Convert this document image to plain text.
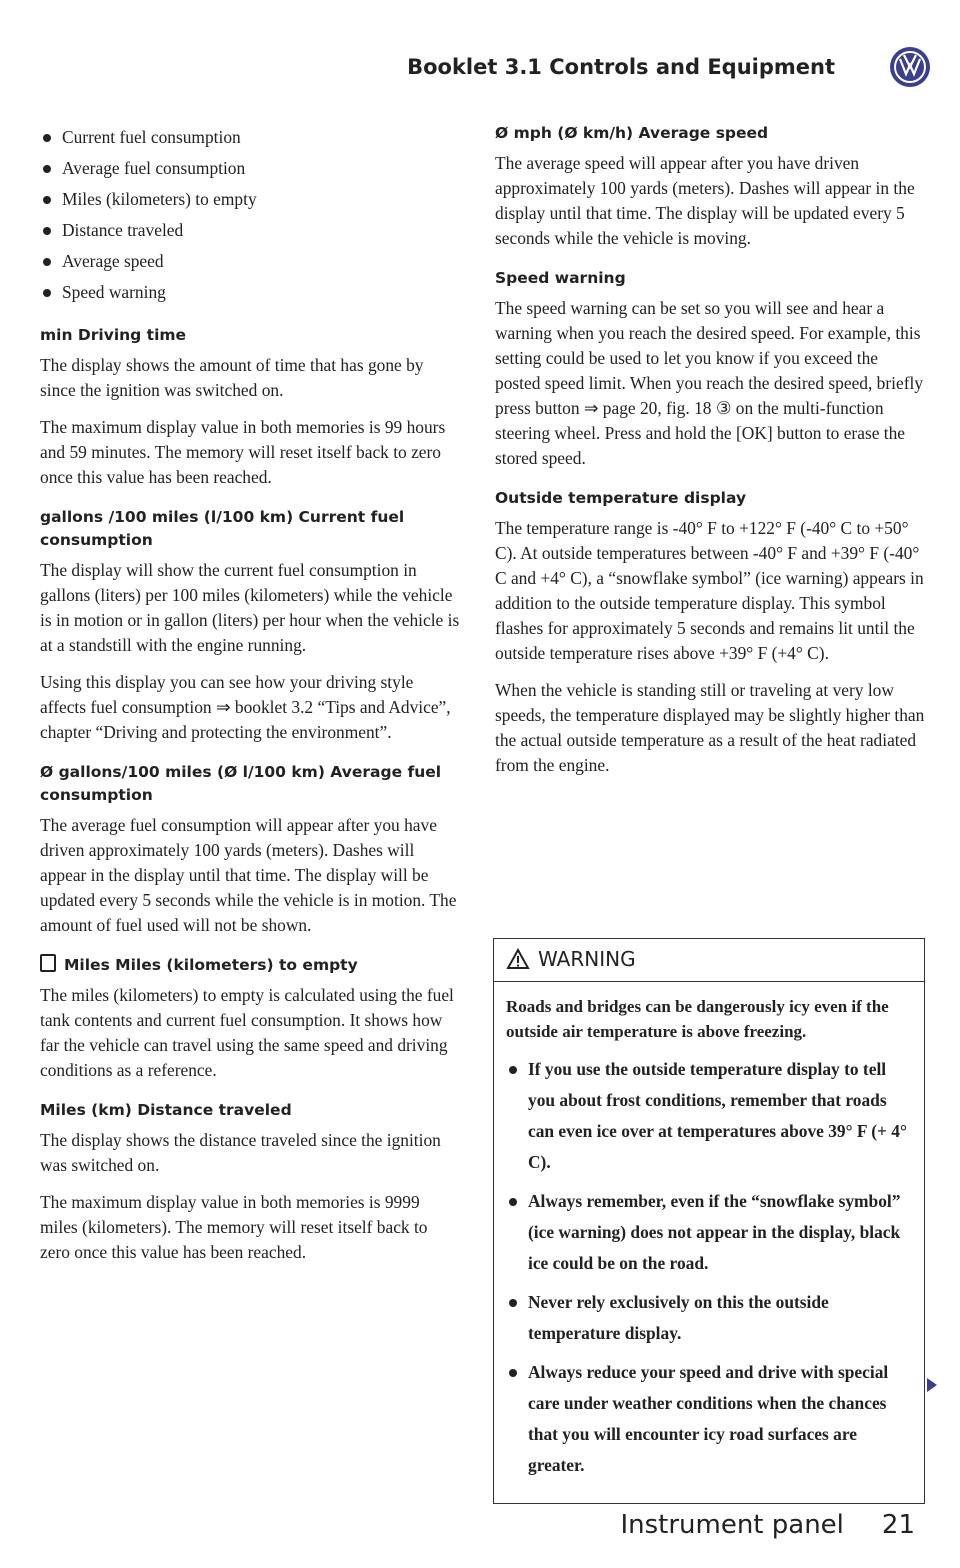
Booklet 3.1 Controls and Equipment
Current fuel consumption
Average fuel consumption
Miles (kilometers) to empty
Distance traveled
Average speed
Speed warning
min Driving time

The display shows the amount of time that has gone by since the ignition was switched on.

The maximum display value in both memories is 99 hours and 59 minutes. The memory will reset itself back to zero once this value has been reached.

gallons /100 miles (l/100 km) Current fuel consumption

The display will show the current fuel consumption in gallons (liters) per 100 miles (kilometers) while the vehicle is in motion or in gallon (liters) per hour when the vehicle is at a standstill with the engine running.

Using this display you can see how your driving style affects fuel consumption ⇒ booklet 3.2 “Tips and Advice”, chapter “Driving and protecting the environment”.

Ø gallons/100 miles (Ø l/100 km) Average fuel consumption

The average fuel consumption will appear after you have driven approximately 100 yards (meters). Dashes will appear in the display until that time. The display will be updated every 5 seconds while the vehicle is in motion. The amount of fuel used will not be shown.

Miles Miles (kilometers) to empty

The miles (kilometers) to empty is calculated using the fuel tank contents and current fuel consumption. It shows how far the vehicle can travel using the same speed and driving conditions as a reference.

Miles (km) Distance traveled

The display shows the distance traveled since the ignition was switched on.

The maximum display value in both memories is 9999 miles (kilometers). The memory will reset itself back to zero once this value has been reached.

Ø mph (Ø km/h) Average speed

The average speed will appear after you have driven approximately 100 yards (meters). Dashes will appear in the display until that time. The display will be updated every 5 seconds while the vehicle is moving.

Speed warning

The speed warning can be set so you will see and hear a warning when you reach the desired speed. For example, this setting could be used to let you know if you exceed the posted speed limit. When you reach the desired speed, briefly press button ⇒ page 20, fig. 18 ③ on the multi-function steering wheel. Press and hold the [OK] button to erase the stored speed.

Outside temperature display

The temperature range is -40° F to +122° F (-40° C to +50° C). At outside temperatures between -40° F and +39° F (-40° C and +4° C), a “snowflake symbol” (ice warning) appears in addition to the outside temperature display. This symbol flashes for approximately 5 seconds and remains lit until the outside temperature rises above +39° F (+4° C).

When the vehicle is standing still or traveling at very low speeds, the temperature displayed may be slightly higher than the actual outside temperature as a result of the heat radiated from the engine.

WARNING

Roads and bridges can be dangerously icy even if the outside air temperature is above freezing.

If you use the outside temperature display to tell you about frost conditions, remember that roads can even ice over at temperatures above 39° F (+ 4° C).
Always remember, even if the “snowflake symbol” (ice warning) does not appear in the display, black ice could be on the road.
Never rely exclusively on this the outside temperature display.
Always reduce your speed and drive with special care under weather conditions when the chances that you will encounter icy road surfaces are greater.
Instrument panel 21
